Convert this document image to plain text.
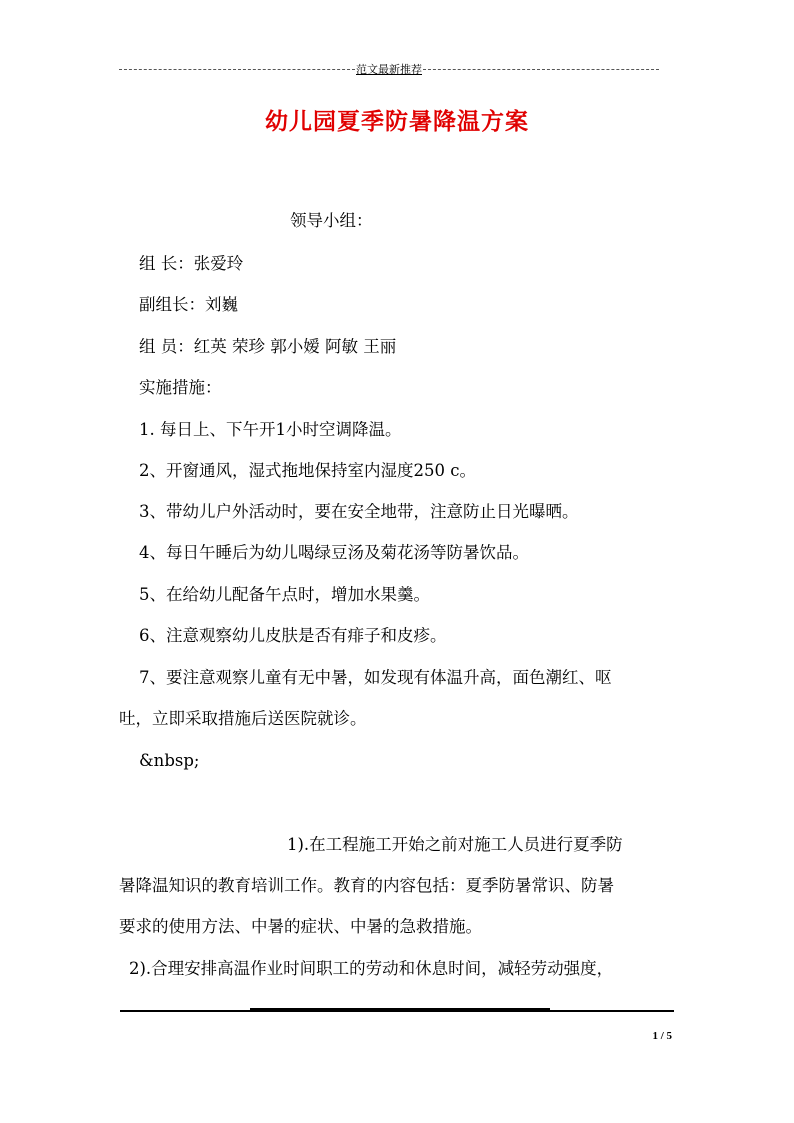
范文最新推荐
幼儿园夏季防暑降温方案
领导小组：
组 长：张爱玲
副组长：刘巍
组 员：红英 荣珍 郭小嫒 阿敏 王丽
实施措施：
1. 每日上、下午开1小时空调降温。
2、开窗通风，湿式拖地保持室内湿度250 c。
3、带幼儿户外活动时，要在安全地带，注意防止日光曝晒。
4、每日午睡后为幼儿喝绿豆汤及菊花汤等防暑饮品。
5、在给幼儿配备午点时，增加水果羹。
6、注意观察幼儿皮肤是否有痱子和皮疹。
7、要注意观察儿童有无中暑，如发现有体温升高，面色潮红、呕
吐，立即采取措施后送医院就诊。
&nbsp;
1).在工程施工开始之前对施工人员进行夏季防
暑降温知识的教育培训工作。教育的内容包括：夏季防暑常识、防暑
要求的使用方法、中暑的症状、中暑的急救措施。
2).合理安排高温作业时间职工的劳动和休息时间，减轻劳动强度，
1 / 5
